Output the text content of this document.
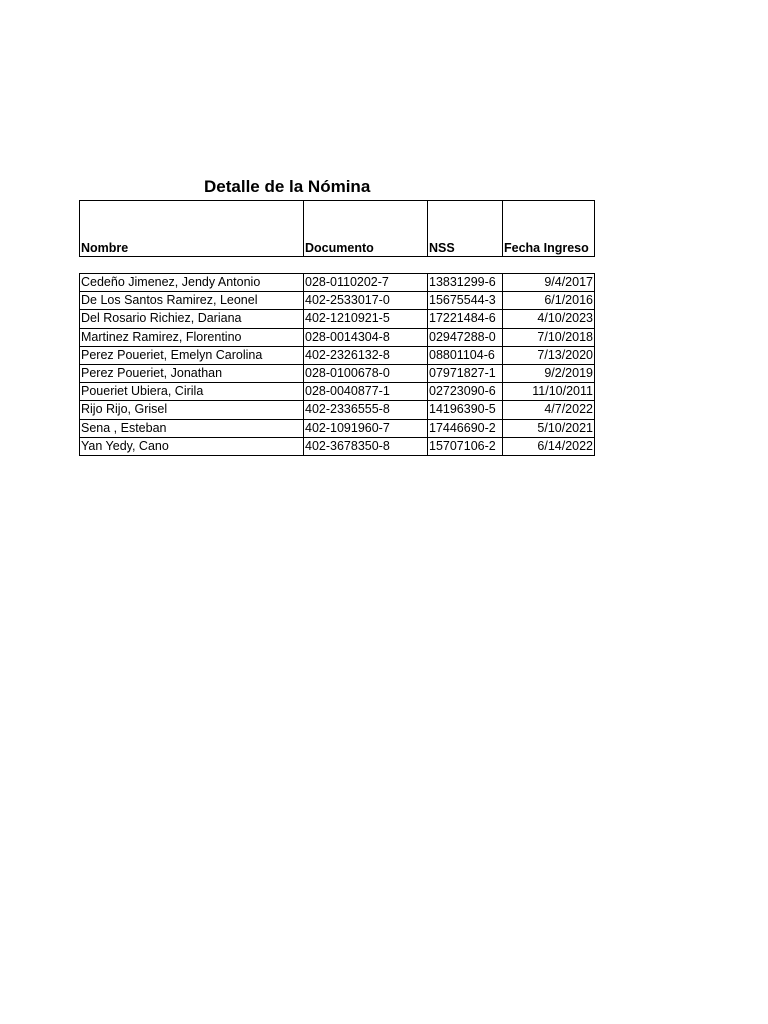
Detalle de la Nómina
Nombre	Documento	NSS	Fecha Ingreso
Cedeño Jimenez, Jendy Antonio	028-0110202-7	13831299-6	9/4/2017
De Los Santos Ramirez, Leonel	402-2533017-0	15675544-3	6/1/2016
Del Rosario Richiez, Dariana	402-1210921-5	17221484-6	4/10/2023
Martinez Ramirez, Florentino	028-0014304-8	02947288-0	7/10/2018
Perez Poueriet, Emelyn Carolina	402-2326132-8	08801104-6	7/13/2020
Perez Poueriet, Jonathan	028-0100678-0	07971827-1	9/2/2019
Poueriet Ubiera, Cirila	028-0040877-1	02723090-6	11/10/2011
Rijo Rijo, Grisel	402-2336555-8	14196390-5	4/7/2022
Sena , Esteban	402-1091960-7	17446690-2	5/10/2021
Yan Yedy, Cano	402-3678350-8	15707106-2	6/14/2022
